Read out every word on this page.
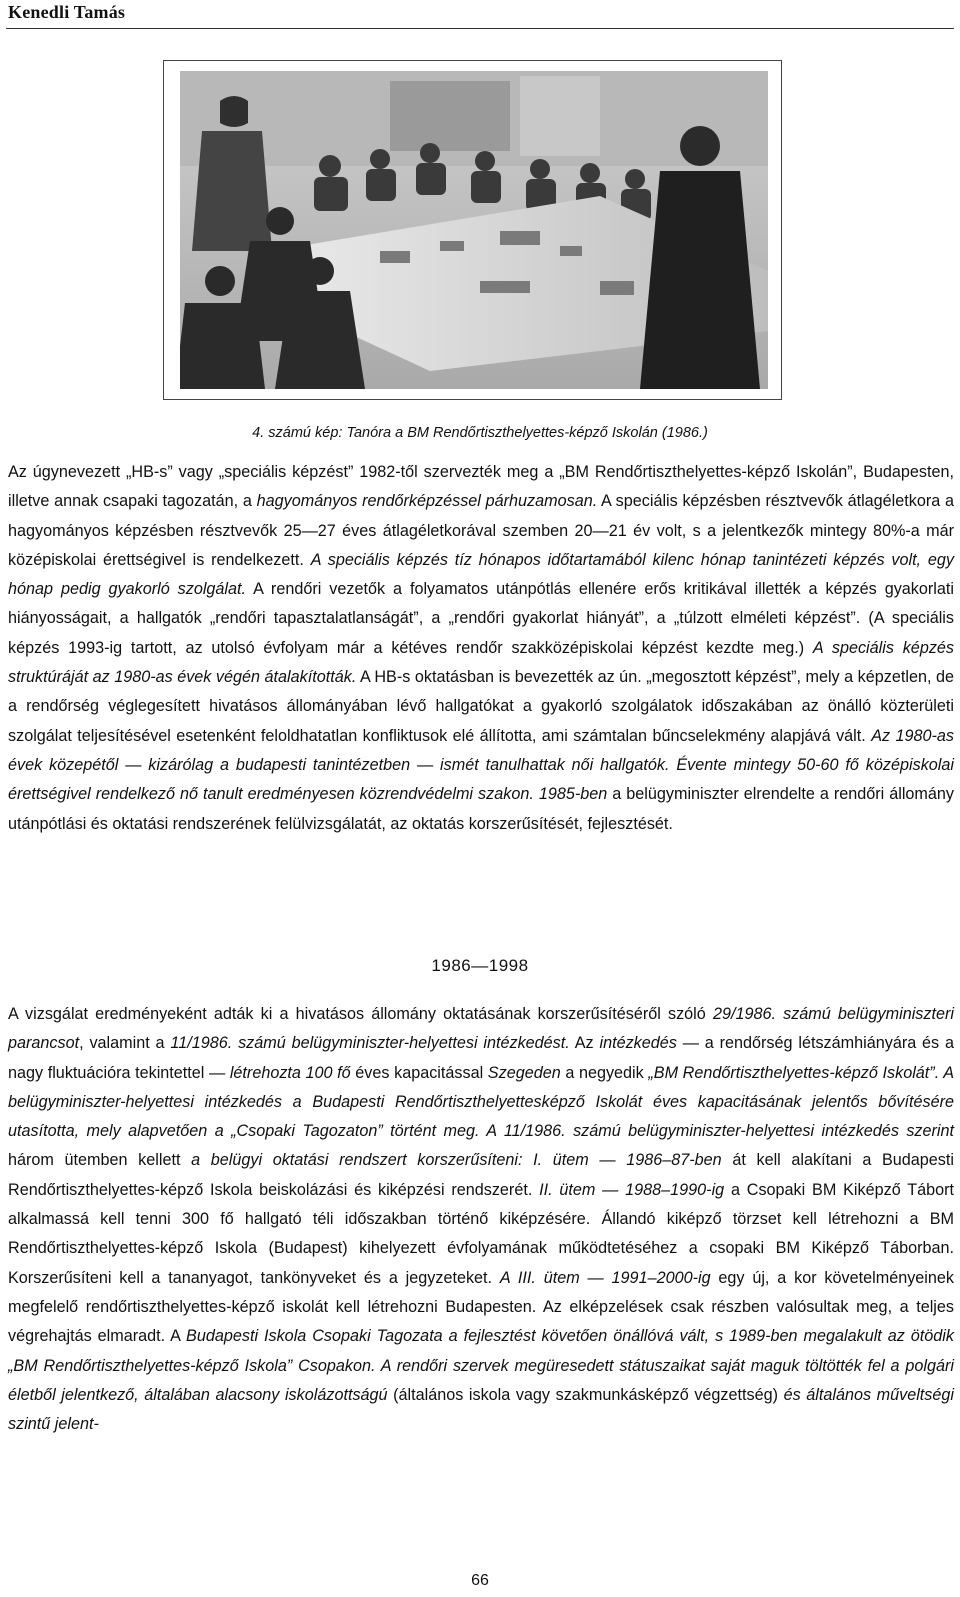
Kenedli Tamás
4. számú kép: Tanóra a BM Rendőrtiszthelyettes-képző Iskolán (1986.)
Az úgynevezett „HB-s” vagy „speciális képzést” 1982-től szervezték meg a „BM Rendőrtiszthelyettes-képző Iskolán”, Budapesten, illetve annak csapaki tagozatán, a hagyományos rendőrképzéssel párhuzamosan. A speciális képzésben résztvevők átlagéletkora a hagyományos képzésben résztvevők 25—27 éves átlagéletkorával szemben 20—21 év volt, s a jelentkezők mintegy 80%-a már középiskolai érettségivel is rendelkezett. A speciális képzés tíz hónapos időtartamából kilenc hónap tanintézeti képzés volt, egy hónap pedig gyakorló szolgálat. A rendőri vezetők a folyamatos utánpótlás ellenére erős kritikával illették a képzés gyakorlati hiányosságait, a hallgatók „rendőri tapasztalatlanságát”, a „rendőri gyakorlat hiányát”, a „túlzott elméleti képzést”. (A speciális képzés 1993-ig tartott, az utolsó évfolyam már a kétéves rendőr szakközépiskolai képzést kezdte meg.) A speciális képzés struktúráját az 1980-as évek végén átalakították. A HB-s oktatásban is bevezették az ún. „megosztott képzést”, mely a képzetlen, de a rendőrség véglegesített hivatásos állományában lévő hallgatókat a gyakorló szolgálatok időszakában az önálló közterületi szolgálat teljesítésével esetenként feloldhatatlan konfliktusok elé állította, ami számtalan bűncselekmény alapjává vált. Az 1980-as évek közepétől — kizárólag a budapesti tanintézetben — ismét tanulhattak női hallgatók. Évente mintegy 50-60 fő középiskolai érettségivel rendelkező nő tanult eredményesen közrendvédelmi szakon. 1985-ben a belügyminiszter elrendelte a rendőri állomány utánpótlási és oktatási rendszerének felülvizsgálatát, az oktatás korszerűsítését, fejlesztését.
1986—1998
A vizsgálat eredményeként adták ki a hivatásos állomány oktatásának korszerűsítéséről szóló 29/1986. számú belügyminiszteri parancsot, valamint a 11/1986. számú belügyminiszter-helyettesi intézkedést. Az intézkedés — a rendőrség létszámhiányára és a nagy fluktuációra tekintettel — létrehozta 100 fő éves kapacitással Szegeden a negyedik „BM Rendőrtiszthelyettes-képző Iskolát”. A belügyminiszter-helyettesi intézkedés a Budapesti Rendőrtiszthelyettesképző Iskolát éves kapacitásának jelentős bővítésére utasította, mely alapvetően a „Csopaki Tagozaton” történt meg. A 11/1986. számú belügyminiszter-helyettesi intézkedés szerint három ütemben kellett a belügyi oktatási rendszert korszerűsíteni: I. ütem — 1986–87-ben át kell alakítani a Budapesti Rendőrtiszthelyettes-képző Iskola beiskolázási és kiképzési rendszerét. II. ütem — 1988–1990-ig a Csopaki BM Kiképző Tábort alkalmassá kell tenni 300 fő hallgató téli időszakban történő kiképzésére. Állandó kiképző törzset kell létrehozni a BM Rendőrtiszthelyettes-képző Iskola (Budapest) kihelyezett évfolyamának működtetéséhez a csopaki BM Kiképző Táborban. Korszerűsíteni kell a tananyagot, tankönyveket és a jegyzeteket. A III. ütem — 1991–2000-ig egy új, a kor követelményeinek megfelelő rendőrtiszthelyettes-képző iskolát kell létrehozni Budapesten. Az elképzelések csak részben valósultak meg, a teljes végrehajtás elmaradt. A Budapesti Iskola Csopaki Tagozata a fejlesztést követően önállóvá vált, s 1989-ben megalakult az ötödik „BM Rendőrtiszthelyettes-képző Iskola” Csopakon. A rendőri szervek megüresedett státuszaikat saját maguk töltötték fel a polgári életből jelentkező, általában alacsony iskolázottságú (általános iskola vagy szakmunkásképző végzettség) és általános műveltségi szintű jelent-
66
